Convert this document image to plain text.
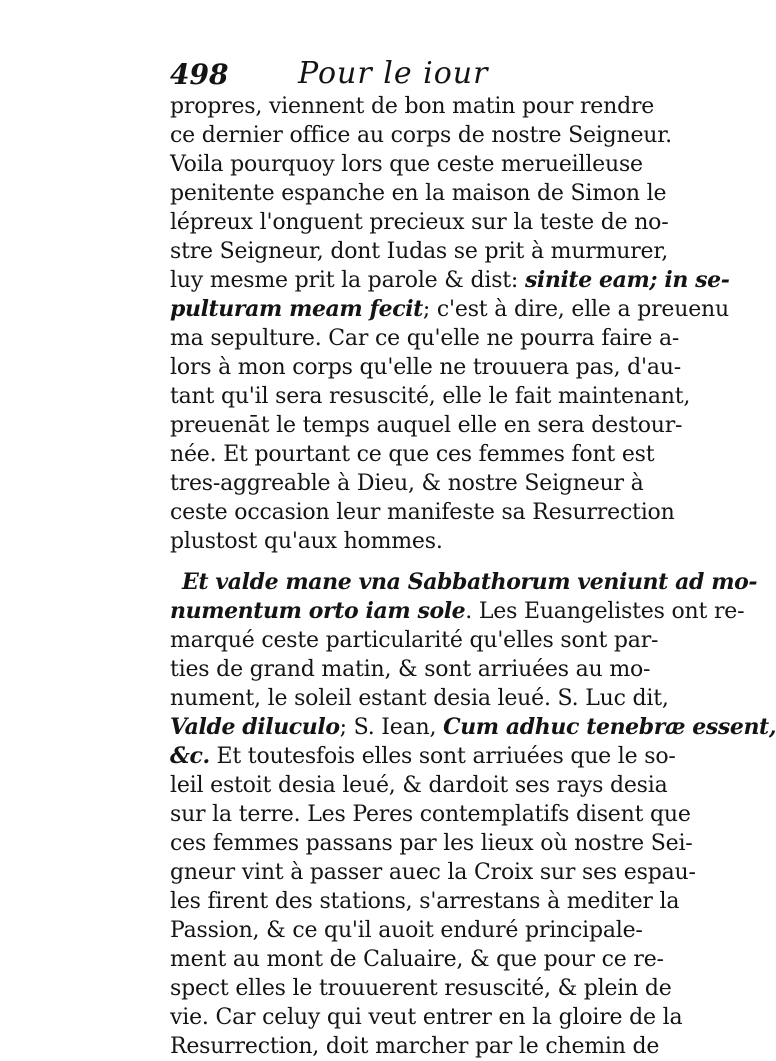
498 Pour le iour
propres, viennent de bon matin pour rendre
ce dernier office au corps de nostre Seigneur.
Voila pourquoy lors que ceste merueilleuse
penitente espanche en la maison de Simon le
lépreux l'onguent precieux sur la teste de no-
stre Seigneur, dont Iudas se prit à murmurer,
luy mesme prit la parole & dist: sinite eam; in se-
pulturam meam fecit; c'est à dire, elle a preuenu
ma sepulture. Car ce qu'elle ne pourra faire a-
lors à mon corps qu'elle ne trouuera pas, d'au-
tant qu'il sera resuscité, elle le fait maintenant,
preuenāt le temps auquel elle en sera destour-
née. Et pourtant ce que ces femmes font est
tres-aggreable à Dieu, & nostre Seigneur à
ceste occasion leur manifeste sa Resurrection
plustost qu'aux hommes.
Et valde mane vna Sabbathorum veniunt ad mo-
numentum orto iam sole. Les Euangelistes ont re-
marqué ceste particularité qu'elles sont par-
ties de grand matin, & sont arriuées au mo-
nument, le soleil estant desia leué. S. Luc dit,
Valde diluculo; S. Iean, Cum adhuc tenebræ essent,
&c. Et toutesfois elles sont arriuées que le so-
leil estoit desia leué, & dardoit ses rays desia
sur la terre. Les Peres contemplatifs disent que
ces femmes passans par les lieux où nostre Sei-
gneur vint à passer auec la Croix sur ses espau-
les firent des stations, s'arrestans à mediter la
Passion, & ce qu'il auoit enduré principale-
ment au mont de Caluaire, & que pour ce re-
spect elles le trouuerent resuscité, & plein de
vie. Car celuy qui veut entrer en la gloire de la
Resurrection, doit marcher par le chemin de
